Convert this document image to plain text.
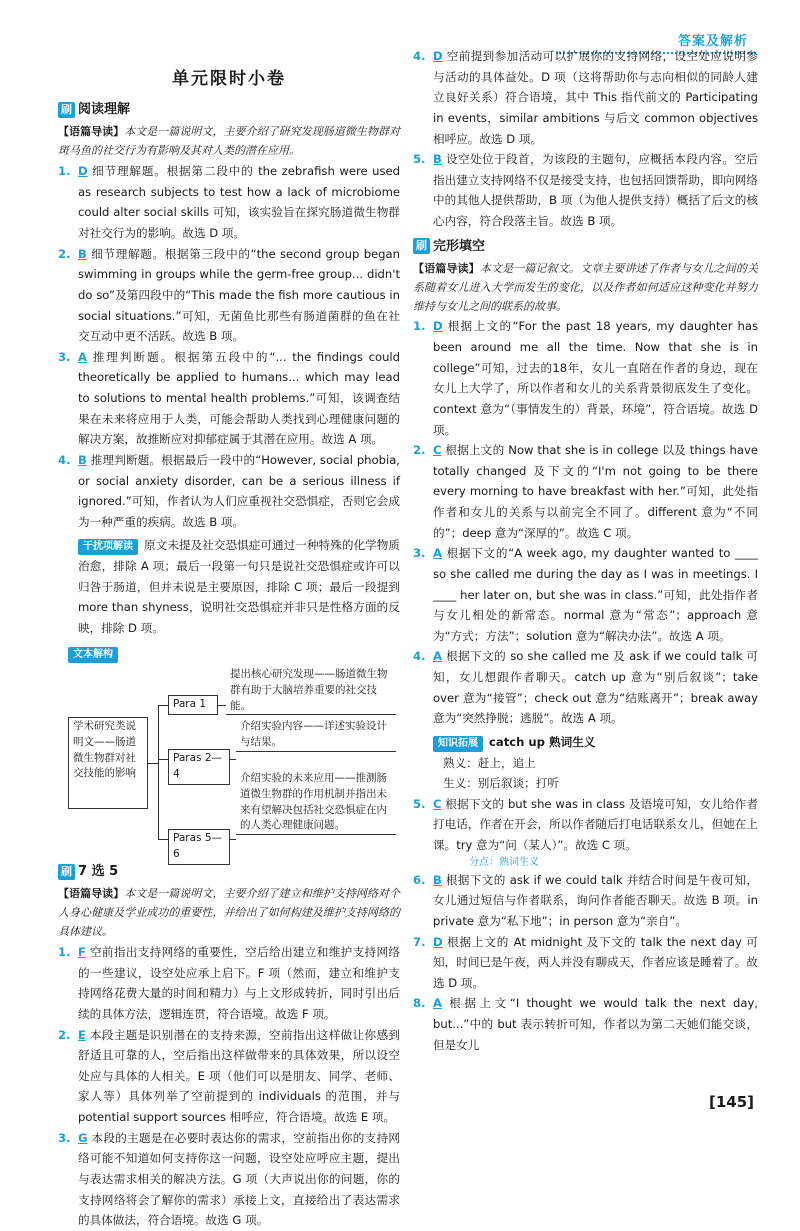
答案及解析
单元限时小卷
刷 阅读理解
【语篇导读】本文是一篇说明文，主要介绍了研究发现肠道微生物群对斑马鱼的社交行为有影响及其对人类的潜在应用。
1. D 细节理解题。根据第二段中的 the zebrafish were used as research subjects to test how a lack of microbiome could alter social skills 可知，该实验旨在探究肠道微生物群对社交行为的影响。故选 D 项。
2. B 细节理解题。根据第三段中的“the second group began swimming in groups while the germ-free group... didn't do so”及第四段中的“This made the fish more cautious in social situations.”可知，无菌鱼比那些有肠道菌群的鱼在社交互动中更不活跃。故选 B 项。
3. A 推理判断题。根据第五段中的“... the findings could theoretically be applied to humans... which may lead to solutions to mental health problems.”可知，该调查结果在未来将应用于人类，可能会帮助人类找到心理健康问题的解决方案，故推断应对抑郁症属于其潜在应用。故选 A 项。
4. B 推理判断题。根据最后一段中的“However, social phobia, or social anxiety disorder, can be a serious illness if ignored.”可知，作者认为人们应重视社交恐惧症，否则它会成为一种严重的疾病。故选 B 项。
干扰项解读 原文未提及社交恐惧症可通过一种特殊的化学物质治愈，排除 A 项；最后一段第一句只是说社交恐惧症或许可以归咎于肠道，但并未说是主要原因，排除 C 项；最后一段提到 more than shyness，说明社交恐惧症并非只是性格方面的反映，排除 D 项。
文本解构
学术研究类说明文——肠道微生物群对社交技能的影响
Para 1
Paras 2—4
Paras 5—6
提出核心研究发现——肠道微生物群有助于大脑培养重要的社交技能。
介绍实验内容——详述实验设计与结果。
介绍实验的未来应用——推测肠道微生物群的作用机制并指出未来有望解决包括社交恐惧症在内的人类心理健康问题。
刷 7 选 5
【语篇导读】本文是一篇说明文，主要介绍了建立和维护支持网络对个人身心健康及学业成功的重要性，并给出了如何构建及维护支持网络的具体建议。
1. F 空前指出支持网络的重要性，空后给出建立和维护支持网络的一些建议，设空处应承上启下。F 项（然而，建立和维护支持网络花费大量的时间和精力）与上文形成转折，同时引出后续的具体方法，逻辑连贯，符合语境。故选 F 项。
2. E 本段主题是识别潜在的支持来源，空前指出这样做让你感到舒适且可靠的人，空后指出这样做带来的具体效果，所以设空处应与具体的人相关。E 项（他们可以是朋友、同学、老师、家人等）具体列举了空前提到的 individuals 的范围，并与 potential support sources 相呼应，符合语境。故选 E 项。
3. G 本段的主题是在必要时表达你的需求，空前指出你的支持网络可能不知道如何支持你这一问题，设空处应呼应主题，提出与表达需求相关的解决方法。G 项（大声说出你的问题，你的支持网络将会了解你的需求）承接上文，直接给出了表达需求的具体做法，符合语境。故选 G 项。
4. D 空前提到参加活动可以扩展你的支持网络，设空处应说明参与活动的具体益处。D 项（这将帮助你与志向相似的同龄人建立良好关系）符合语境，其中 This 指代前文的 Participating in events，similar ambitions 与后文 common objectives 相呼应。故选 D 项。
5. B 设空处位于段首，为该段的主题句，应概括本段内容。空后指出建立支持网络不仅是接受支持，也包括回馈帮助，即向网络中的其他人提供帮助，B 项（为他人提供支持）概括了后文的核心内容，符合段落主旨。故选 B 项。
刷 完形填空
【语篇导读】本文是一篇记叙文。文章主要讲述了作者与女儿之间的关系随着女儿进入大学而发生的变化，以及作者如何适应这种变化并努力维持与女儿之间的联系的故事。
1. D 根据上文的“For the past 18 years, my daughter has been around me all the time. Now that she is in college”可知，过去的18年，女儿一直陪在作者的身边，现在女儿上大学了，所以作者和女儿的关系背景彻底发生了变化。context 意为“（事情发生的）背景，环境”，符合语境。故选 D 项。
2. C 根据上文的 Now that she is in college 以及 things have totally changed 及下文的“I'm not going to be there every morning to have breakfast with her.”可知，此处指作者和女儿的关系与以前完全不同了。different 意为“不同的”；deep 意为“深厚的”。故选 C 项。
3. A 根据下文的“A week ago, my daughter wanted to ____ so she called me during the day as I was in meetings. I ____ her later on, but she was in class.”可知，此处指作者与女儿相处的新常态。normal 意为“常态”；approach 意为“方式；方法”；solution 意为“解决办法”。故选 A 项。
4. A 根据下文的 so she called me 及 ask if we could talk 可知，女儿想跟作者聊天。catch up 意为“别后叙谈”；take over 意为“接管”；check out 意为“结账离开”；break away 意为“突然挣脱；逃脱”。故选 A 项。
知识拓展 catch up 熟词生义
熟义：赶上，追上
生义：别后叙谈；打听
5. C 根据下文的 but she was in class 及语境可知，女儿给作者打电话，作者在开会，所以作者随后打电话联系女儿，但她在上课。try 意为“问（某人）”。故选 C 项。
分点：熟词生义
6. B 根据下文的 ask if we could talk 并结合时间是午夜可知，女儿通过短信与作者联系，询问作者能否聊天。故选 B 项。in private 意为“私下地”；in person 意为“亲自”。
7. D 根据上文的 At midnight 及下文的 talk the next day 可知，时间已是午夜，两人并没有聊成天，作者应该是睡着了。故选 D 项。
8. A 根据上文“I thought we would talk the next day, but...”中的 but 表示转折可知，作者以为第二天她们能交谈，但是女儿
[145]
